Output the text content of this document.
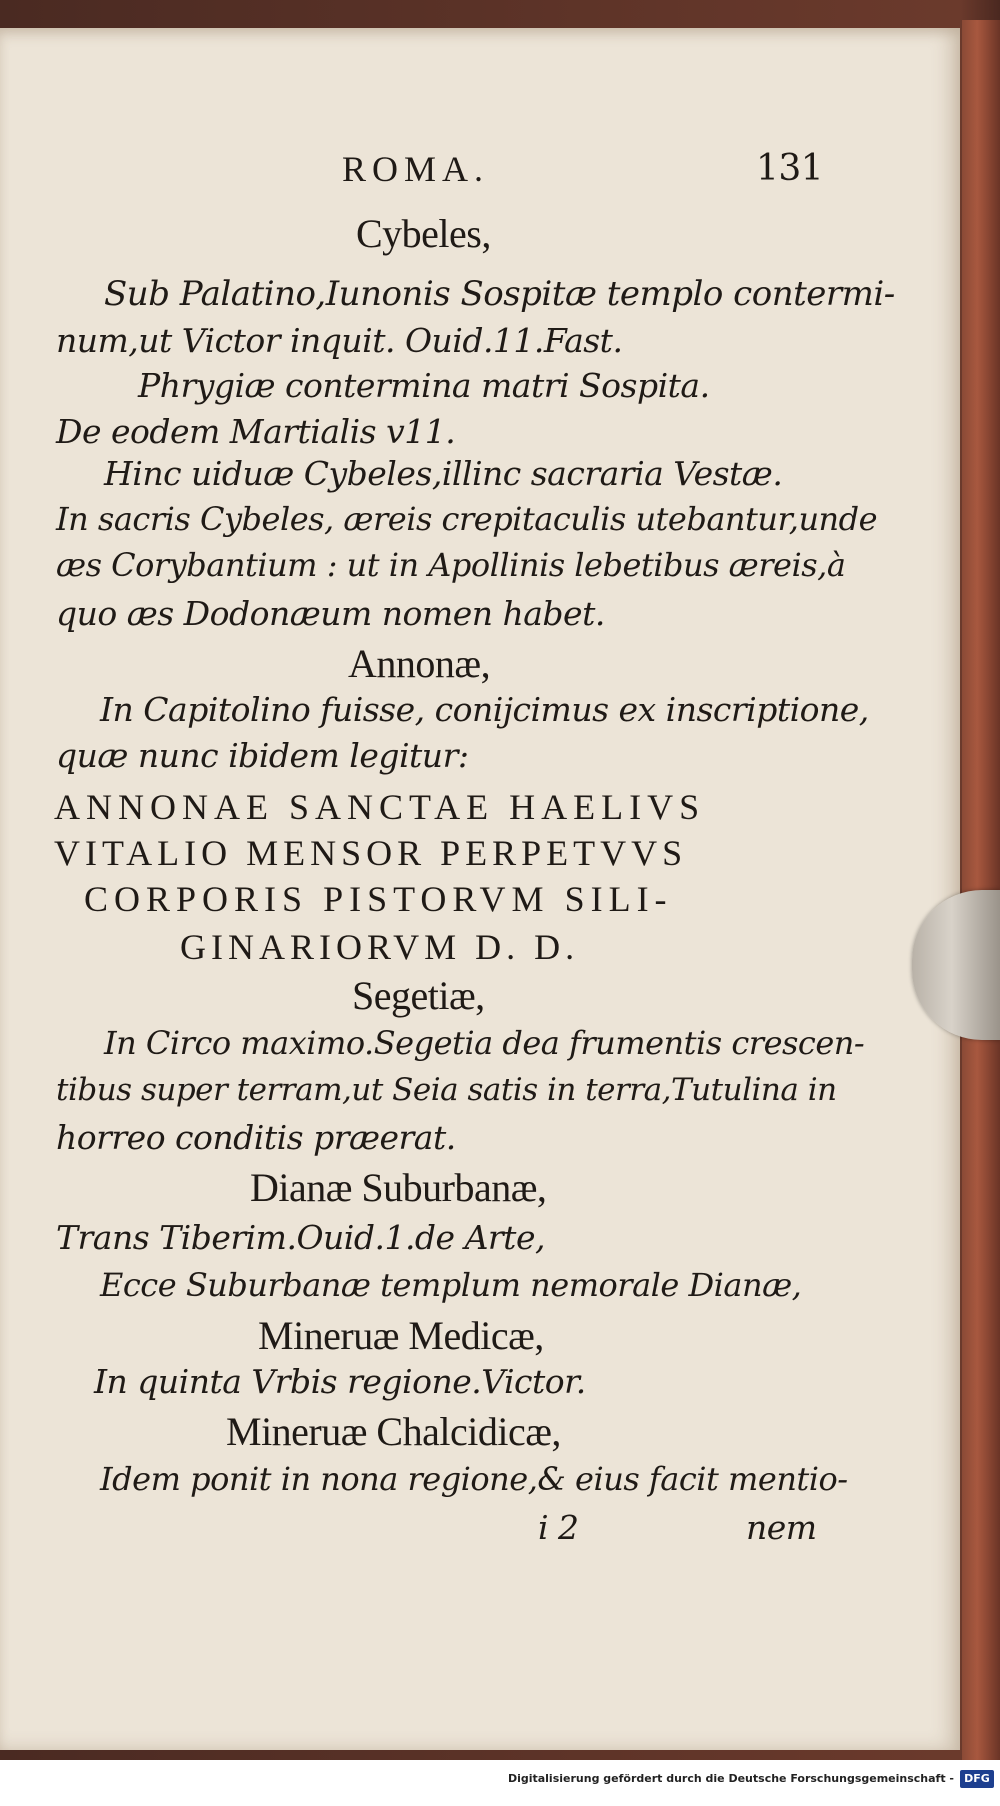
ROMA.	131
Cybeles,
Sub Palatino,Iunonis Sospitæ templo contermi-
num,ut Victor inquit. Ouid.11.Fast.
Phrygiæ contermina matri Sospita.
De eodem Martialis v11.
Hinc uiduæ Cybeles,illinc sacraria Vestæ.
In sacris Cybeles, æreis crepitaculis utebantur,unde
æs Corybantium : ut in Apollinis lebetibus æreis,à
quo æs Dodonæum nomen habet.
Annonæ,
In Capitolino fuisse, conijcimus ex inscriptione,
quæ nunc ibidem legitur:
ANNONAE SANCTAE HAELIVS
VITALIO MENSOR PERPETVVS
CORPORIS PISTORVM SILI-
GINARIORVM D. D.
Segetiæ,
In Circo maximo.Segetia dea frumentis crescen-
tibus super terram,ut Seia satis in terra,Tutulina in
horreo conditis præerat.
Dianæ Suburbanæ,
Trans Tiberim.Ouid.1.de Arte,
Ecce Suburbanæ templum nemorale Dianæ,
Mineruæ Medicæ,
In quinta Vrbis regione.Victor.
Mineruæ Chalcidicæ,
Idem ponit in nona regione,& eius facit mentio-
i 2	nem
Digitalisierung gefördert durch die Deutsche Forschungsgemeinschaft - DFG
